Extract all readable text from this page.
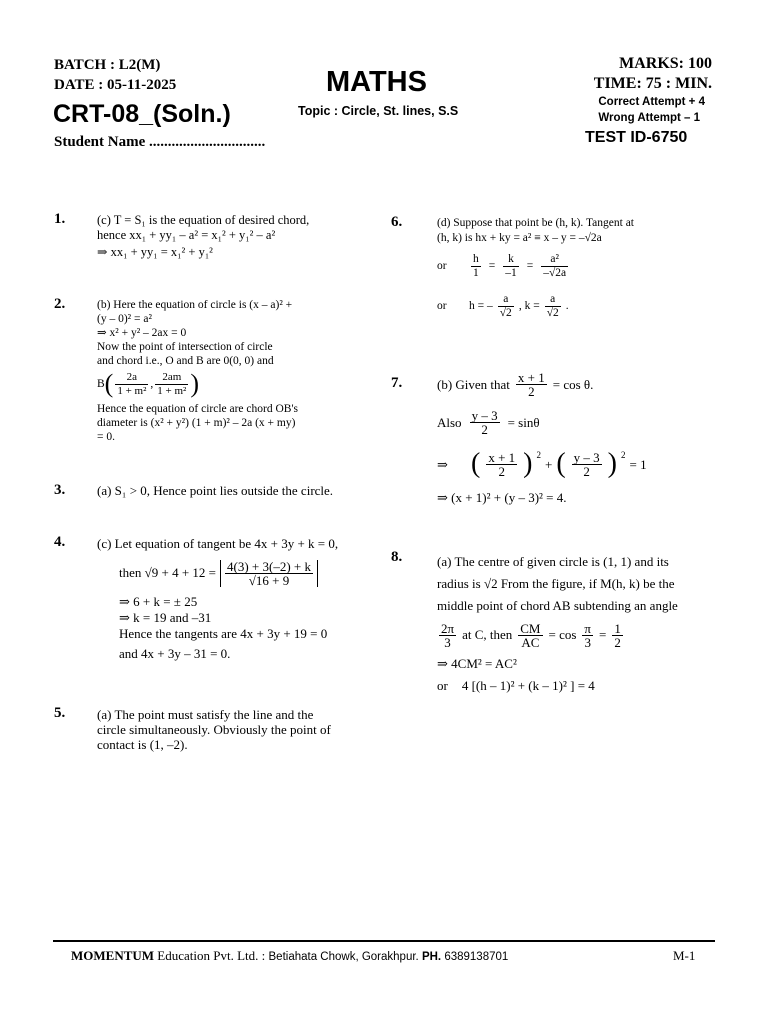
BATCH : L2(M)
DATE : 05-11-2025
CRT-08_(Soln.)
Student Name ...............................
MATHS
Topic : Circle, St. lines, S.S
MARKS: 100
TIME: 75 : MIN.
Correct Attempt + 4
Wrong Attempt – 1
TEST ID-6750
1.	(c) T = S₁ is the equation of desired chord,
hence xx₁ + yy₁ – a² = x₁² + y₁² – a²
⇒ xx₁ + yy₁ = x₁² + y₁²
2.	(b) Here the equation of circle is (x – a)² +
(y – 0)² = a²
⇒ x² + y² – 2ax = 0
Now the point of intersection of circle
and chord i.e., O and B are 0(0, 0) and
B ( $\frac{2a}{\text{1 + m²}}$ , $\frac{2am}{\text{1 + m²}}$ )
Hence the equation of circle are chord OB's
diameter is (x² + y²) (1 + m)² – 2a (x + my)
= 0.
3. (a) S₁ > 0, Hence point lies outside the circle.
4. (c) Let equation of tangent be 4x + 3y + k = 0,
then $√9 + 4 + 12 = \frac{4(3) + 3(-2) + k}{√16 + 9}$
⇒ 6 + k = ± 25
⇒ k = 19 and –31
Hence the tangents are 4x + 3y + 19 = 0
and 4x + 3y – 31 = 0.
5. (a) The point must satisfy the line and the
circle simultaneously. Obviously the point of
contact is (1, –2).
6.	(d) Suppose that point be (h, k). Tangent at
(h, k) is hx + ky = a² ≡ x – y = –√2a
or	$\frac{h}{1} = \frac{k}{-1} = \frac{\text{a²}}{-√2a}$
or	h = – $\frac{a}{√2}$ , $k = \frac{a}{√2}$ .
7.	(b) Given that $\frac{x + 1}{2} = \cos \theta$.
Also $\frac{y - 3}{2} = \sin\theta$
⇒ ( $\frac{x + 1}{2}$ ) 2
+ ( $\frac{y - 3}{2}$ ) 2
= 1
⇒ (x + 1)² + (y – 3)² = 4.
8.	(a) The centre of given circle is (1, 1) and its
radius is √2 From the figure, if M(h, k) be the
middle point of chord AB subtending an angle
$\frac{2\pi}{3}$ at C, then $\frac{CM}{AC} = \cos \frac{\pi}{3} = \frac{1}{2}$
⇒ 4CM² = AC²
or 4 [(h – 1)² + (k – 1)² ] = 4
MOMENTUM Education Pvt. Ltd. : Betiahata Chowk, Gorakhpur. PH. 6389138701	M-1
